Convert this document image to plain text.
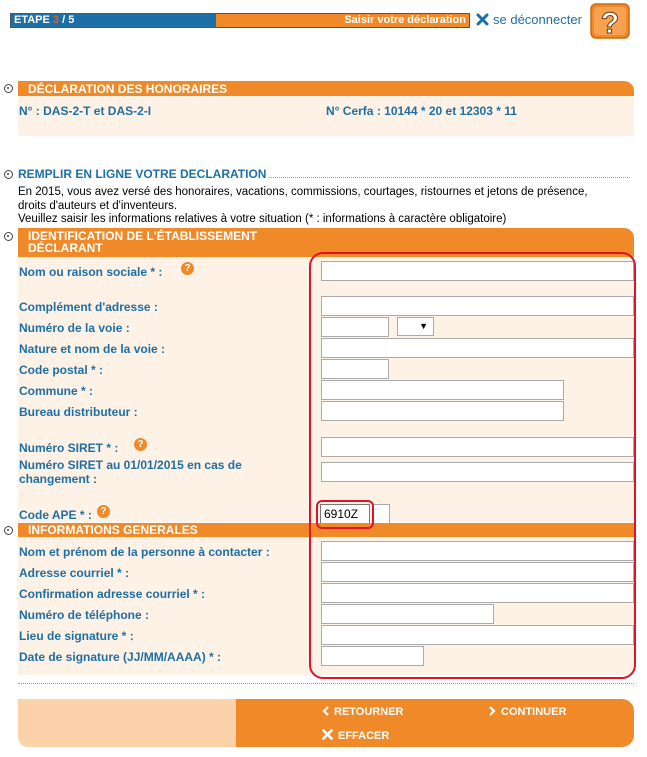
ETAPE 3 / 5	Saisir votre déclaration	se déconnecter ?
DÉCLARATION DES HONORAIRES
N° : DAS-2-T et DAS-2-I	N° Cerfa : 10144 * 20 et 12303 * 11
REMPLIR EN LIGNE VOTRE DECLARATION
En 2015, vous avez versé des honoraires, vacations, commissions, courtages, ristournes et jetons de présence,
droits d'auteurs et d'inventeurs.
Veuillez saisir les informations relatives à votre situation (* : informations à caractère obligatoire)
IDENTIFICATION DE L'ÉTABLISSEMENT
DÉCLARANT
Nom ou raison sociale * :	?
Complément d'adresse :
Numéro de la voie :	▼
Nature et nom de la voie :
Code postal * :
Commune * :
Bureau distributeur :
Numéro SIRET * :	?
Numéro SIRET au 01/01/2015 en cas de
changement :
Code APE * : ?
6910Z
INFORMATIONS GENERALES
Nom et prénom de la personne à contacter :
Adresse courriel * :
Confirmation adresse courriel * :
Numéro de téléphone :
Lieu de signature * :
Date de signature (JJ/MM/AAAA) * :
RETOURNER	CONTINUER
EFFACER
